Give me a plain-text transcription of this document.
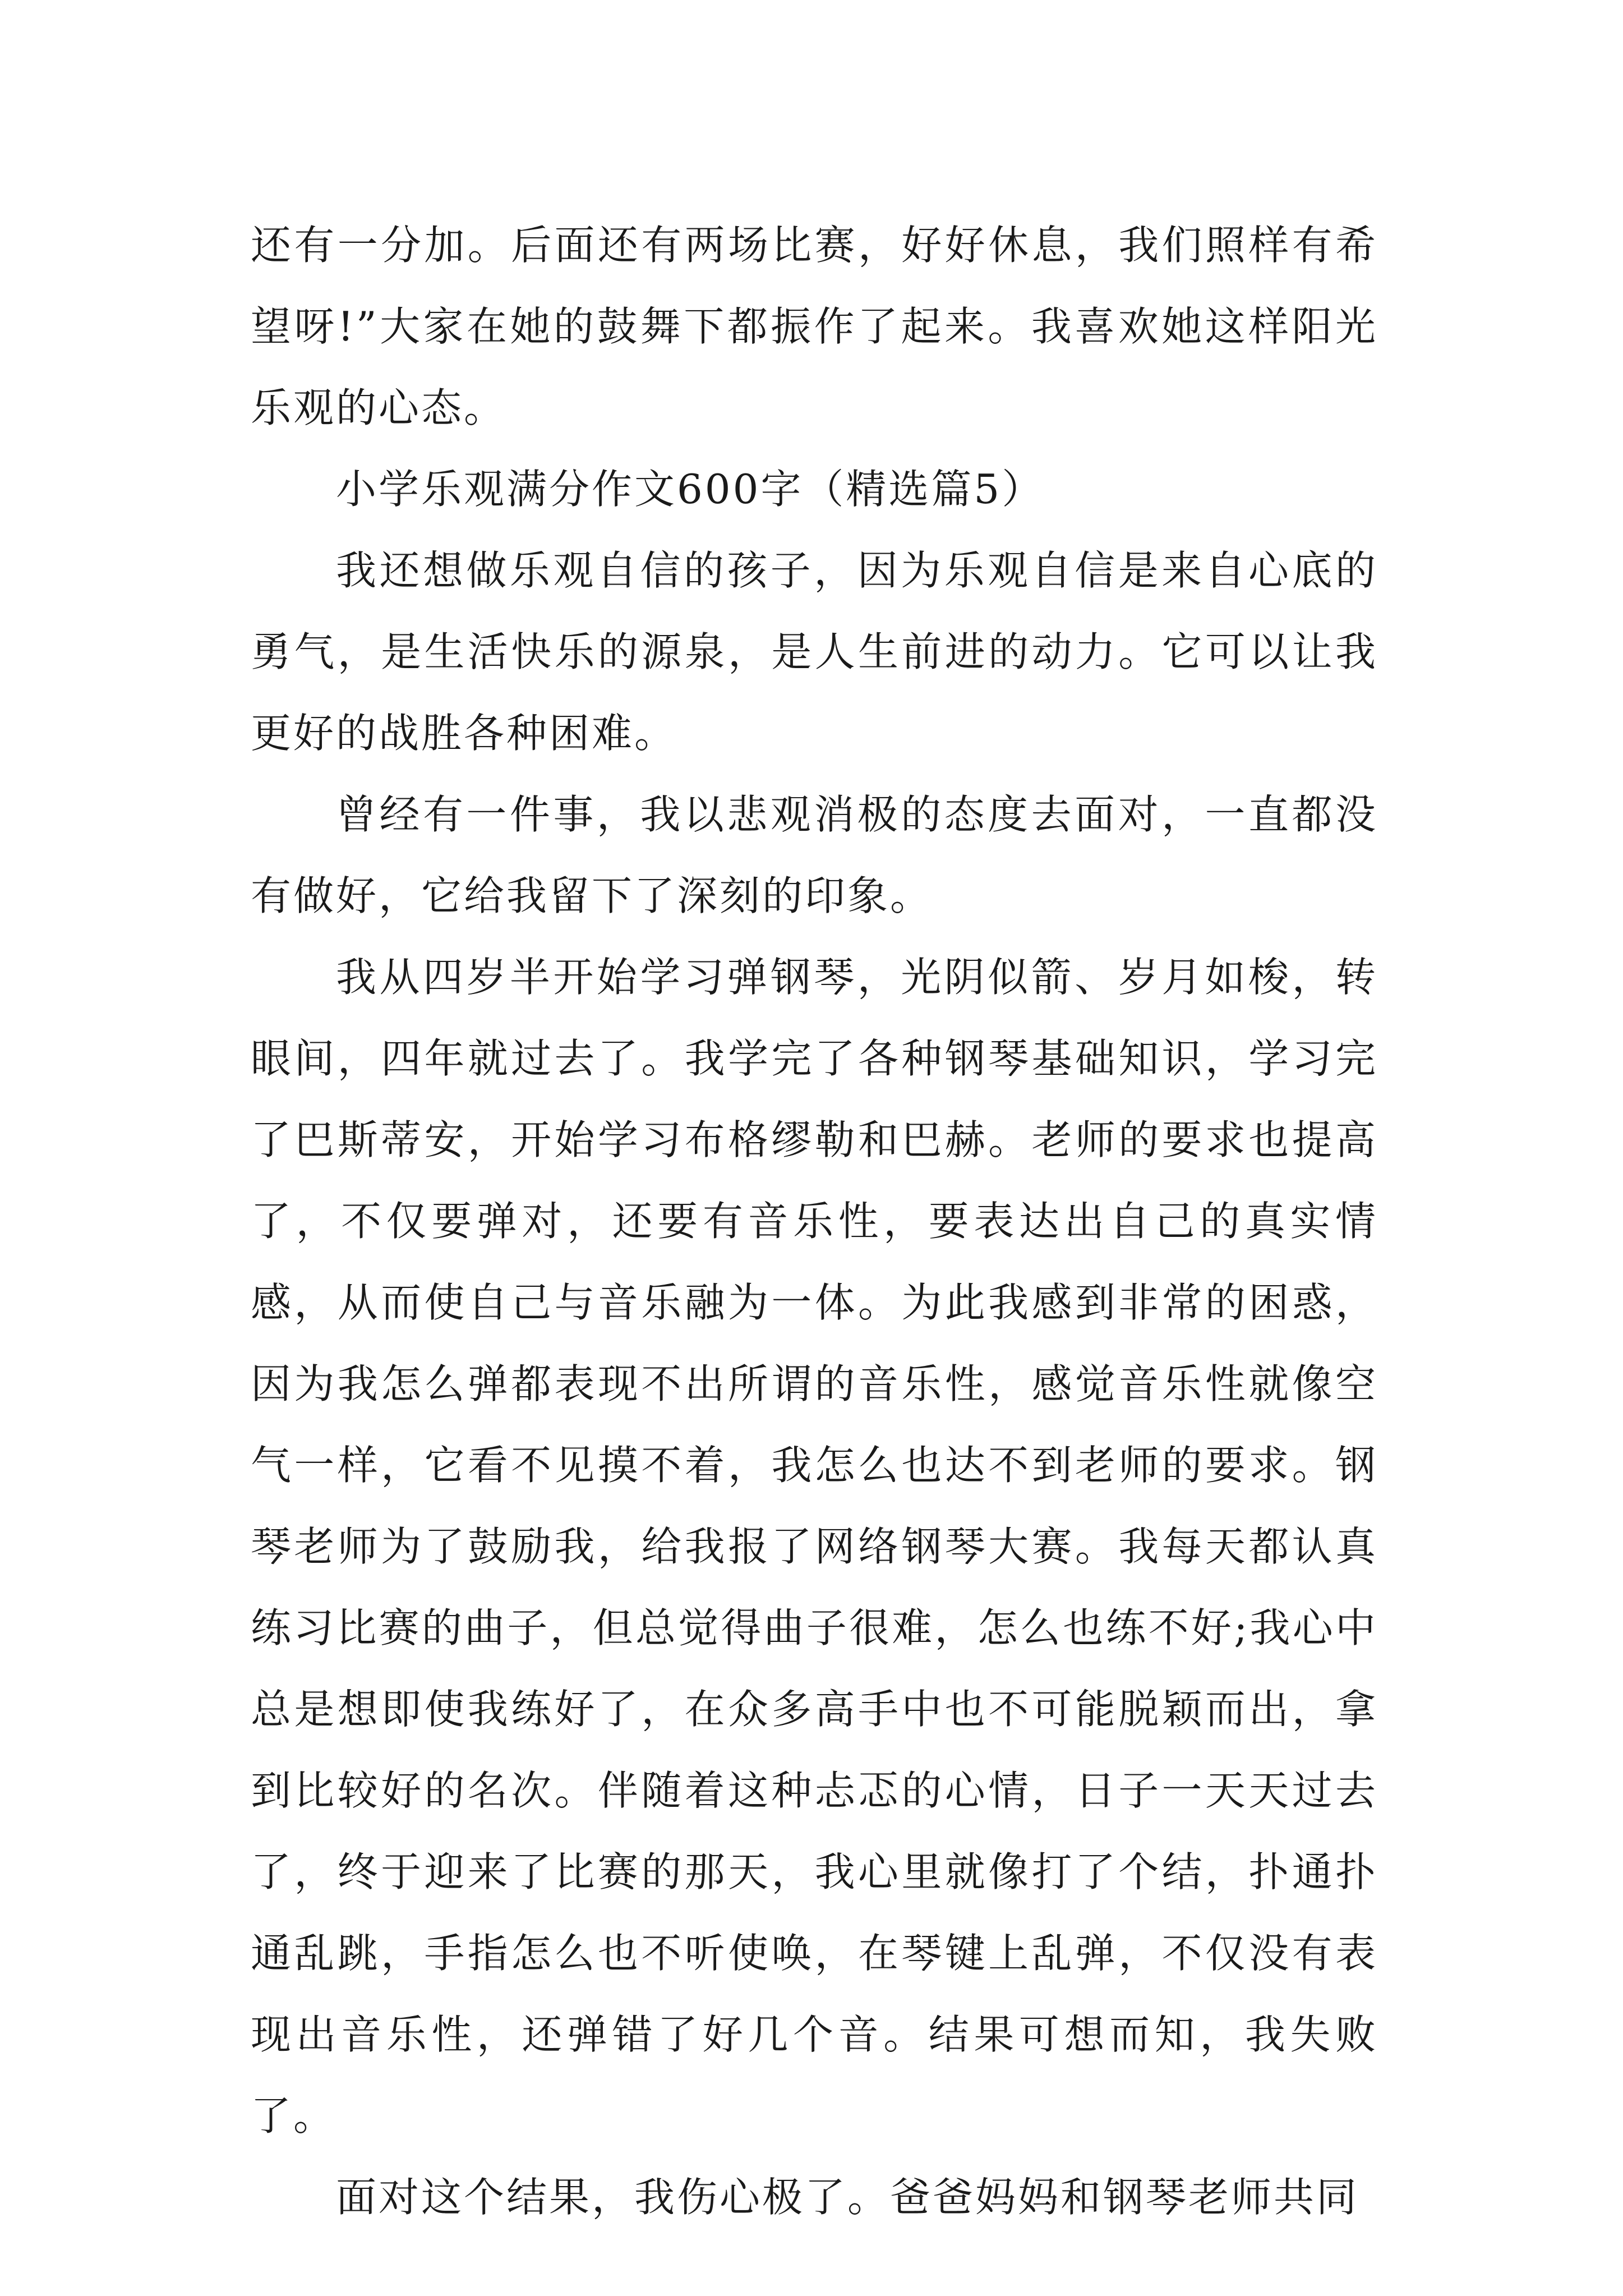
还有一分加。后面还有两场比赛，好好休息，我们照样有希望呀!”大家在她的鼓舞下都振作了起来。我喜欢她这样阳光乐观的心态。

小学乐观满分作文600字（精选篇5）

我还想做乐观自信的孩子，因为乐观自信是来自心底的勇气，是生活快乐的源泉，是人生前进的动力。它可以让我更好的战胜各种困难。

曾经有一件事，我以悲观消极的态度去面对，一直都没有做好，它给我留下了深刻的印象。

我从四岁半开始学习弹钢琴，光阴似箭、岁月如梭，转眼间，四年就过去了。我学完了各种钢琴基础知识，学习完了巴斯蒂安，开始学习布格缪勒和巴赫。老师的要求也提高了，不仅要弹对，还要有音乐性，要表达出自己的真实情感，从而使自己与音乐融为一体。为此我感到非常的困惑，因为我怎么弹都表现不出所谓的音乐性，感觉音乐性就像空气一样，它看不见摸不着，我怎么也达不到老师的要求。钢琴老师为了鼓励我，给我报了网络钢琴大赛。我每天都认真练习比赛的曲子，但总觉得曲子很难，怎么也练不好;我心中总是想即使我练好了，在众多高手中也不可能脱颖而出，拿到比较好的名次。伴随着这种忐忑的心情，日子一天天过去了，终于迎来了比赛的那天，我心里就像打了个结，扑通扑通乱跳，手指怎么也不听使唤，在琴键上乱弹，不仅没有表现出音乐性，还弹错了好几个音。结果可想而知，我失败了。

面对这个结果，我伤心极了。爸爸妈妈和钢琴老师共同
